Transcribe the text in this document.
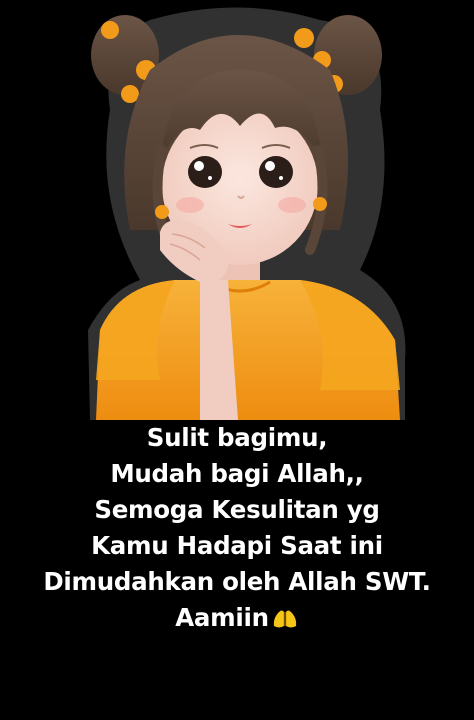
Sulit bagimu,
Mudah bagi Allah,,
Semoga Kesulitan yg
Kamu Hadapi Saat ini
Dimudahkan oleh Allah SWT.
Aamiin
